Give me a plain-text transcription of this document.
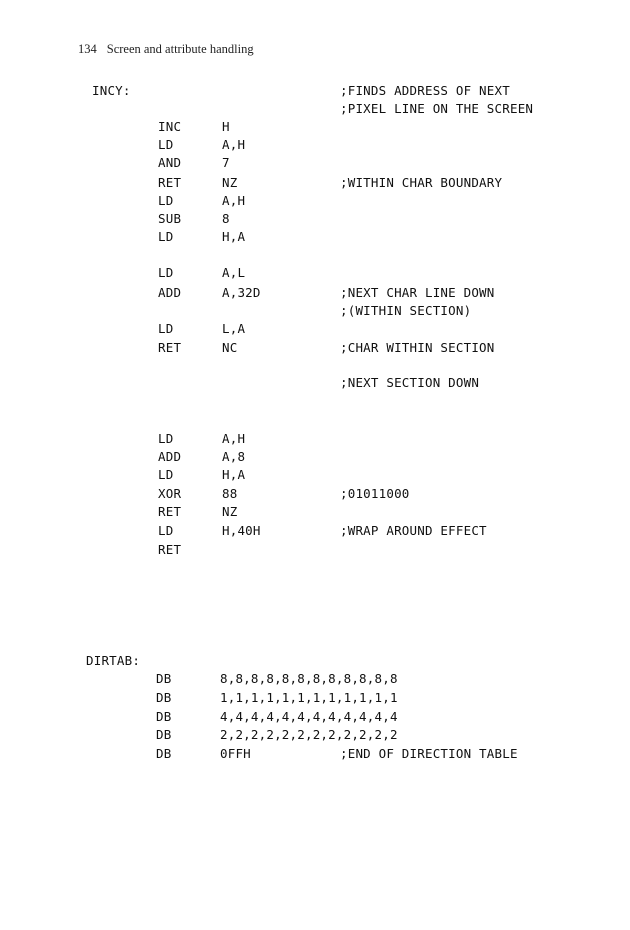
134 Screen and attribute handling
INCY:	;FINDS ADDRESS OF NEXT
;PIXEL LINE ON THE SCREEN
INC	H
LD	A,H
AND	7
RET	NZ	;WITHIN CHAR BOUNDARY
LD	A,H
SUB	8
LD	H,A
LD	A,L
ADD	A,32D	;NEXT CHAR LINE DOWN
;(WITHIN SECTION)
LD	L,A
RET	NC	;CHAR WITHIN SECTION
;NEXT SECTION DOWN
LD	A,H
ADD	A,8
LD	H,A
XOR	88	;01011000
RET	NZ
LD	H,40H	;WRAP AROUND EFFECT
RET
DIRTAB:
DB	8,8,8,8,8,8,8,8,8,8,8,8
DB	1,1,1,1,1,1,1,1,1,1,1,1
DB	4,4,4,4,4,4,4,4,4,4,4,4
DB	2,2,2,2,2,2,2,2,2,2,2,2
DB	0FFH	;END OF DIRECTION TABLE
